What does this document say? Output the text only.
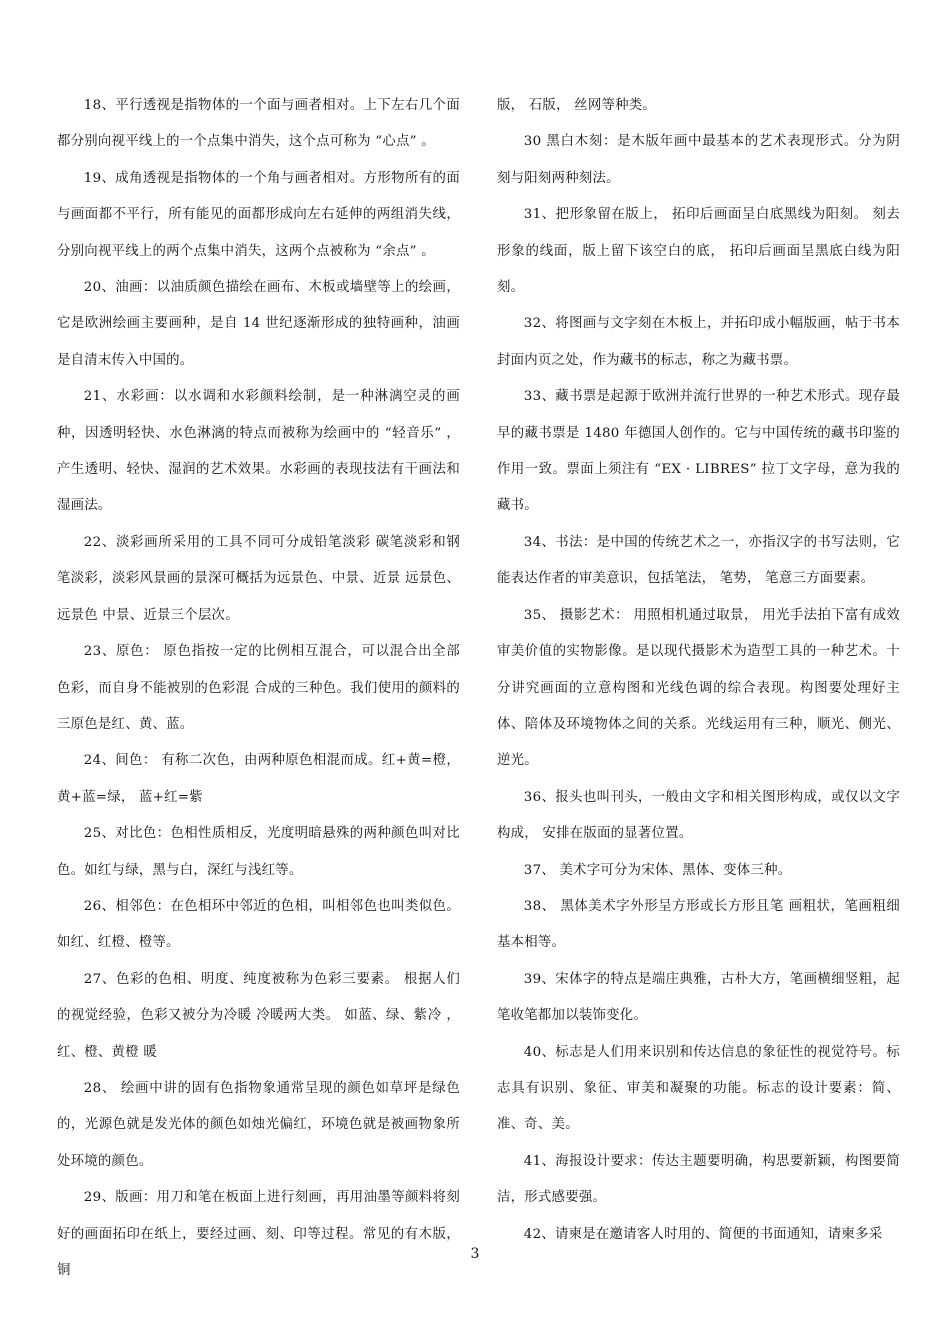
18、平行透视是指物体的一个面与画者相对。上下左右几个面都分别向视平线上的一个点集中消失，这个点可称为 “心点” 。

19、成角透视是指物体的一个角与画者相对。方形物所有的面与画面都不平行，所有能见的面都形成向左右延伸的两组消失线，分别向视平线上的两个点集中消失，这两个点被称为 “余点” 。

20、油画：以油质颜色描绘在画布、木板或墙壁等上的绘画，它是欧洲绘画主要画种，是自 14 世纪逐渐形成的独特画种，油画是自清末传入中国的。

21、水彩画：以水调和水彩颜料绘制，是一种淋漓空灵的画种，因透明轻快、水色淋漓的特点而被称为绘画中的 “轻音乐” ， 产生透明、轻快、湿润的艺术效果。水彩画的表现技法有干画法和湿画法。

22、淡彩画所采用的工具不同可分成铅笔淡彩 碳笔淡彩和钢笔淡彩，淡彩风景画的景深可概括为远景色、中景、近景 远景色、远景色 中景、近景三个层次。

23、原色： 原色指按一定的比例相互混合，可以混合出全部色彩，而自身不能被别的色彩混 合成的三种色。我们使用的颜料的三原色是红、黄、蓝。

24、间色： 有称二次色，由两种原色相混而成。红+黄=橙，黄+蓝=绿， 蓝+红=紫

25、对比色：色相性质相反，光度明暗悬殊的两种颜色叫对比色。如红与绿，黑与白，深红与浅红等。

26、相邻色：在色相环中邻近的色相，叫相邻色也叫类似色。如红、红橙、橙等。

27、色彩的色相、明度、纯度被称为色彩三要素。 根据人们的视觉经验，色彩又被分为冷暖 冷暖两大类。 如蓝、绿、紫冷 ，红、橙、黄橙 暖

28、 绘画中讲的固有色指物象通常呈现的颜色如草坪是绿色的，光源色就是发光体的颜色如烛光偏红，环境色就是被画物象所处环境的颜色。

29、版画：用刀和笔在板面上进行刻画，再用油墨等颜料将刻好的画面拓印在纸上，要经过画、刻、印等过程。常见的有木版，铜

版， 石版， 丝网等种类。

30 黑白木刻：是木版年画中最基本的艺术表现形式。分为阴刻与阳刻两种刻法。

31、把形象留在版上， 拓印后画面呈白底黑线为阳刻。 刻去形象的线面，版上留下该空白的底， 拓印后画面呈黑底白线为阳刻。

32、将图画与文字刻在木板上，并拓印成小幅版画，帖于书本封面内页之处，作为藏书的标志，称之为藏书票。

33、藏书票是起源于欧洲并流行世界的一种艺术形式。现存最早的藏书票是 1480 年德国人创作的。它与中国传统的藏书印鉴的作用一致。票面上须注有 “EX · LIBRES” 拉丁文字母，意为我的藏书。

34、书法：是中国的传统艺术之一，亦指汉字的书写法则，它能表达作者的审美意识，包括笔法， 笔势， 笔意三方面要素。

35、 摄影艺术： 用照相机通过取景， 用光手法拍下富有成效审美价值的实物影像。是以现代摄影术为造型工具的一种艺术。十分讲究画面的立意构图和光线色调的综合表现。构图要处理好主体、陪体及环境物体之间的关系。光线运用有三种，顺光、侧光、逆光。

36、报头也叫刊头，一般由文字和相关图形构成，或仅以文字构成， 安排在版面的显著位置。

37、 美术字可分为宋体、黑体、变体三种。

38、 黑体美术字外形呈方形或长方形且笔 画粗状，笔画粗细基本相等。

39、宋体字的特点是端庄典雅，古朴大方，笔画横细竖粗，起笔收笔都加以装饰变化。

40、标志是人们用来识别和传达信息的象征性的视觉符号。标志具有识别、象征、审美和凝聚的功能。标志的设计要素：简、准、奇、美。

41、海报设计要求：传达主题要明确，构思要新颖，构图要简洁，形式感要强。

42、请柬是在邀请客人时用的、简便的书面通知，请柬多采

3
